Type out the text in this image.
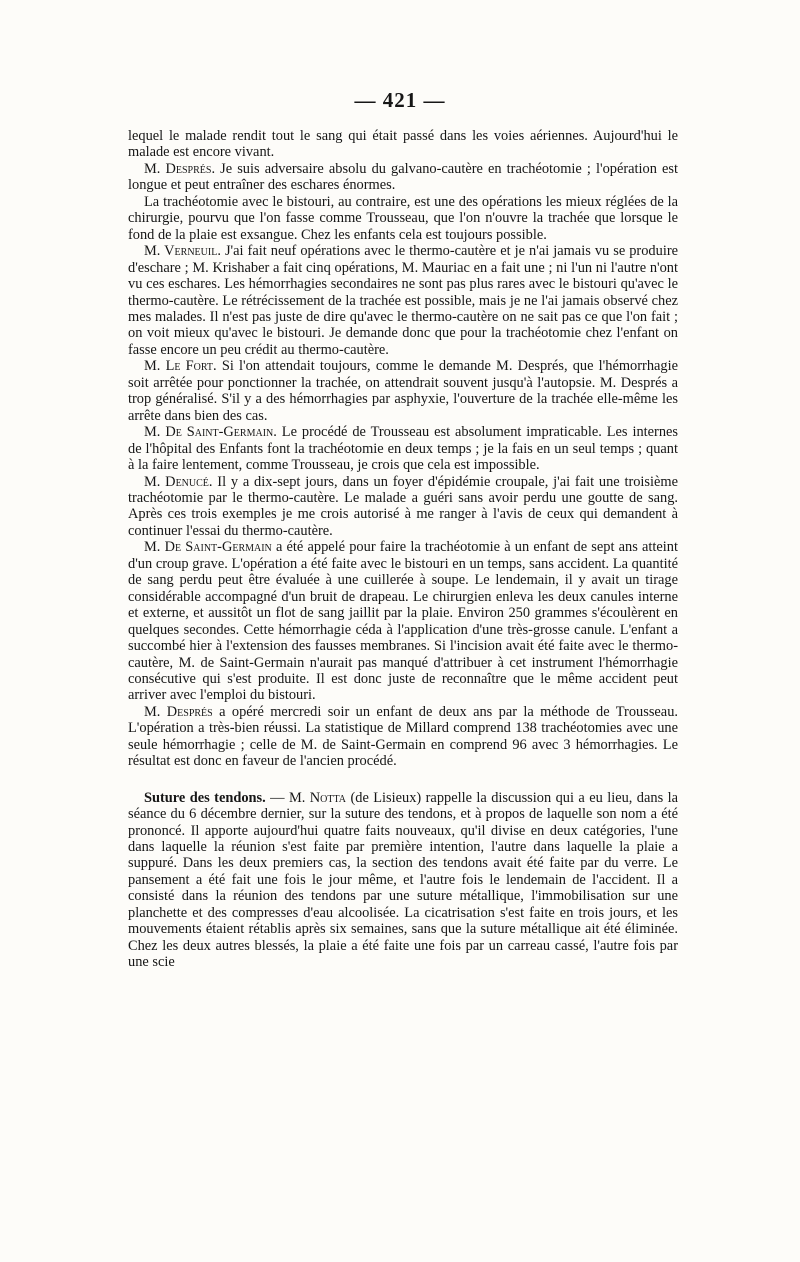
— 421 —

lequel le malade rendit tout le sang qui était passé dans les voies aériennes. Aujourd'hui le malade est encore vivant.

M. Després. Je suis adversaire absolu du galvano-cautère en trachéotomie ; l'opération est longue et peut entraîner des eschares énormes.

La trachéotomie avec le bistouri, au contraire, est une des opérations les mieux réglées de la chirurgie, pourvu que l'on fasse comme Trousseau, que l'on n'ouvre la trachée que lorsque le fond de la plaie est exsangue. Chez les enfants cela est toujours possible.

M. Verneuil. J'ai fait neuf opérations avec le thermo-cautère et je n'ai jamais vu se produire d'eschare ; M. Krishaber a fait cinq opérations, M. Mauriac en a fait une ; ni l'un ni l'autre n'ont vu ces eschares. Les hémorrhagies secondaires ne sont pas plus rares avec le bistouri qu'avec le thermo-cautère. Le rétrécissement de la trachée est possible, mais je ne l'ai jamais observé chez mes malades. Il n'est pas juste de dire qu'avec le thermo-cautère on ne sait pas ce que l'on fait ; on voit mieux qu'avec le bistouri. Je demande donc que pour la trachéotomie chez l'enfant on fasse encore un peu crédit au thermo-cautère.

M. Le Fort. Si l'on attendait toujours, comme le demande M. Després, que l'hémorrhagie soit arrêtée pour ponctionner la trachée, on attendrait souvent jusqu'à l'autopsie. M. Després a trop généralisé. S'il y a des hémorrhagies par asphyxie, l'ouverture de la trachée elle-même les arrête dans bien des cas.

M. De Saint-Germain. Le procédé de Trousseau est absolument impraticable. Les internes de l'hôpital des Enfants font la trachéotomie en deux temps ; je la fais en un seul temps ; quant à la faire lentement, comme Trousseau, je crois que cela est impossible.

M. Denucé. Il y a dix-sept jours, dans un foyer d'épidémie croupale, j'ai fait une troisième trachéotomie par le thermo-cautère. Le malade a guéri sans avoir perdu une goutte de sang. Après ces trois exemples je me crois autorisé à me ranger à l'avis de ceux qui demandent à continuer l'essai du thermo-cautère.

M. De Saint-Germain a été appelé pour faire la trachéotomie à un enfant de sept ans atteint d'un croup grave. L'opération a été faite avec le bistouri en un temps, sans accident. La quantité de sang perdu peut être évaluée à une cuillerée à soupe. Le lendemain, il y avait un tirage considérable accompagné d'un bruit de drapeau. Le chirurgien enleva les deux canules interne et externe, et aussitôt un flot de sang jaillit par la plaie. Environ 250 grammes s'écoulèrent en quelques secondes. Cette hémorrhagie céda à l'application d'une très-grosse canule. L'enfant a succombé hier à l'extension des fausses membranes. Si l'incision avait été faite avec le thermo-cautère, M. de Saint-Germain n'aurait pas manqué d'attribuer à cet instrument l'hémorrhagie consécutive qui s'est produite. Il est donc juste de reconnaître que le même accident peut arriver avec l'emploi du bistouri.

M. Després a opéré mercredi soir un enfant de deux ans par la méthode de Trousseau. L'opération a très-bien réussi. La statistique de Millard comprend 138 trachéotomies avec une seule hémorrhagie ; celle de M. de Saint-Germain en comprend 96 avec 3 hémorrhagies. Le résultat est donc en faveur de l'ancien procédé.

Suture des tendons. — M. Notta (de Lisieux) rappelle la discussion qui a eu lieu, dans la séance du 6 décembre dernier, sur la suture des tendons, et à propos de laquelle son nom a été prononcé. Il apporte aujourd'hui quatre faits nouveaux, qu'il divise en deux catégories, l'une dans laquelle la réunion s'est faite par première intention, l'autre dans laquelle la plaie a suppuré. Dans les deux premiers cas, la section des tendons avait été faite par du verre. Le pansement a été fait une fois le jour même, et l'autre fois le lendemain de l'accident. Il a consisté dans la réunion des tendons par une suture métallique, l'immobilisation sur une planchette et des compresses d'eau alcoolisée. La cicatrisation s'est faite en trois jours, et les mouvements étaient rétablis après six semaines, sans que la suture métallique ait été éliminée. Chez les deux autres blessés, la plaie a été faite une fois par un carreau cassé, l'autre fois par une scie
